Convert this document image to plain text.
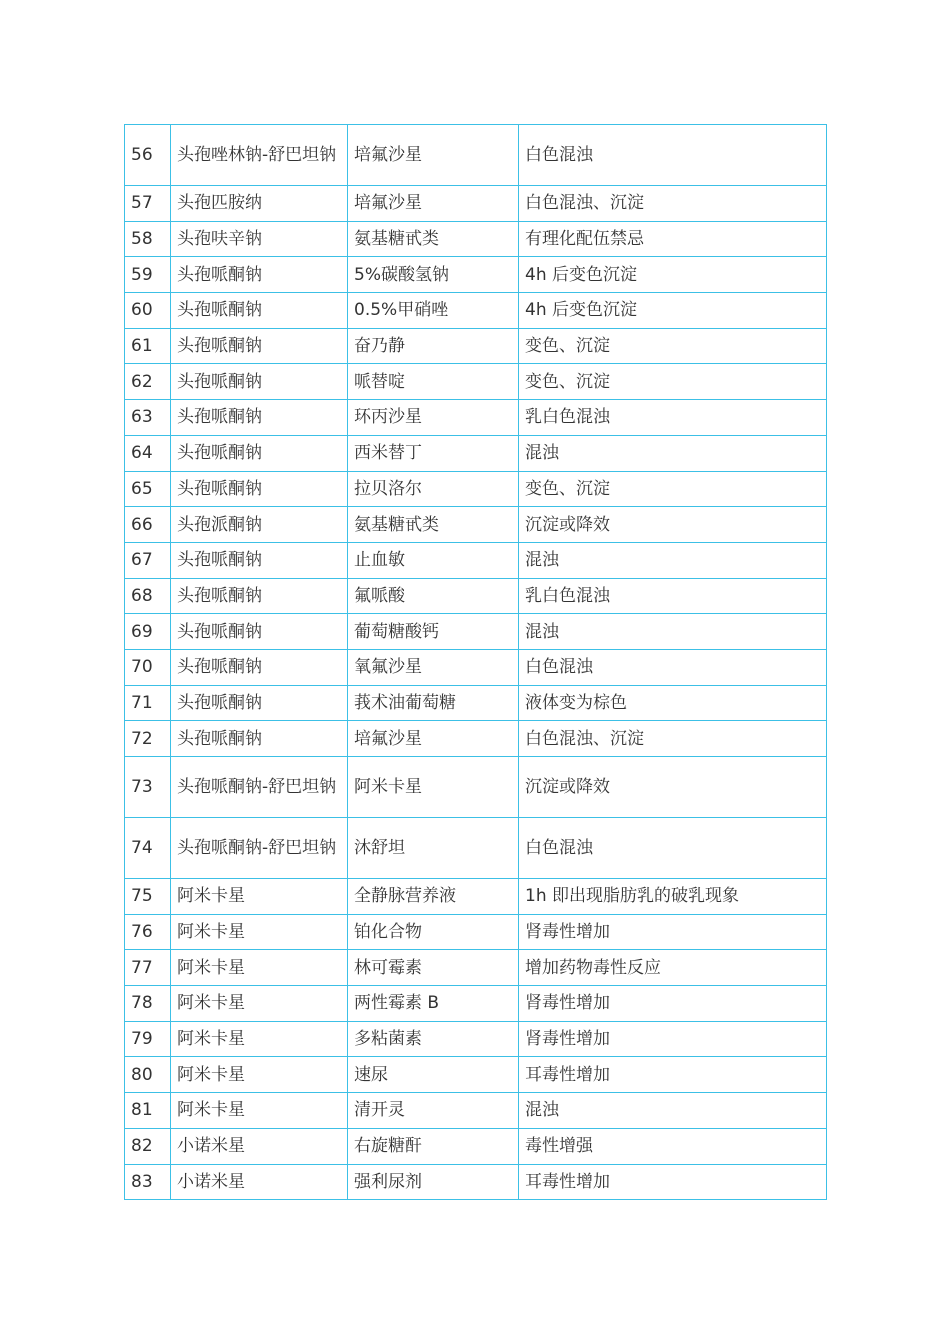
56	头孢唑林钠-舒巴坦钠	培氟沙星	白色混浊
57	头孢匹胺纳	培氟沙星	白色混浊、沉淀
58	头孢呋辛钠	氨基糖甙类	有理化配伍禁忌
59	头孢哌酮钠	5%碳酸氢钠	4h 后变色沉淀
60	头孢哌酮钠	0.5%甲硝唑	4h 后变色沉淀
61	头孢哌酮钠	奋乃静	变色、沉淀
62	头孢哌酮钠	哌替啶	变色、沉淀
63	头孢哌酮钠	环丙沙星	乳白色混浊
64	头孢哌酮钠	西米替丁	混浊
65	头孢哌酮钠	拉贝洛尔	变色、沉淀
66	头孢派酮钠	氨基糖甙类	沉淀或降效
67	头孢哌酮钠	止血敏	混浊
68	头孢哌酮钠	氟哌酸	乳白色混浊
69	头孢哌酮钠	葡萄糖酸钙	混浊
70	头孢哌酮钠	氧氟沙星	白色混浊
71	头孢哌酮钠	莪术油葡萄糖	液体变为棕色
72	头孢哌酮钠	培氟沙星	白色混浊、沉淀
73	头孢哌酮钠-舒巴坦钠	阿米卡星	沉淀或降效
74	头孢哌酮钠-舒巴坦钠	沐舒坦	白色混浊
75	阿米卡星	全静脉营养液	1h 即出现脂肪乳的破乳现象
76	阿米卡星	铂化合物	肾毒性增加
77	阿米卡星	林可霉素	增加药物毒性反应
78	阿米卡星	两性霉素 B	肾毒性增加
79	阿米卡星	多粘菌素	肾毒性增加
80	阿米卡星	速尿	耳毒性增加
81	阿米卡星	清开灵	混浊
82	小诺米星	右旋糖酐	毒性增强
83	小诺米星	强利尿剂	耳毒性增加
